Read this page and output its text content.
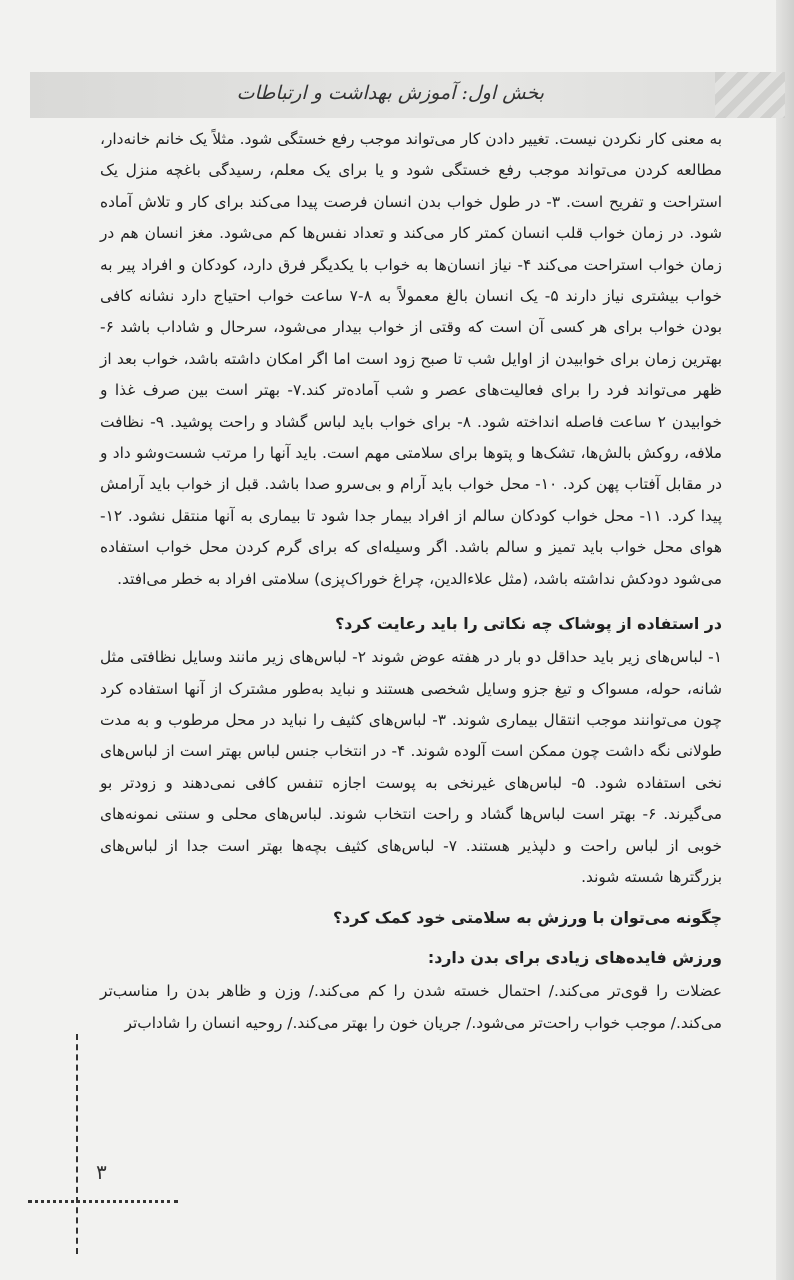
بخش اول: آموزش بهداشت و ارتباطات

به معنی کار نکردن نیست. تغییر دادن کار می‌تواند موجب رفع خستگی شود. مثلاً یک خانم خانه‌دار، مطالعه کردن می‌تواند موجب رفع خستگی شود و یا برای یک معلم، رسیدگی باغچه منزل یک استراحت و تفریح است. ۳- در طول خواب بدن انسان فرصت پیدا می‌کند برای کار و تلاش آماده شود. در زمان خواب قلب انسان کمتر کار می‌کند و تعداد نفس‌ها کم می‌شود. مغز انسان هم در زمان خواب استراحت می‌کند ۴- نیاز انسان‌ها به خواب با یکدیگر فرق دارد، کودکان و افراد پیر به خواب بیشتری نیاز دارند ۵- یک انسان بالغ معمولاً به ۸-۷ ساعت خواب احتیاج دارد نشانه کافی بودن خواب برای هر کسی آن است که وقتی از خواب بیدار می‌شود، سرحال و شاداب باشد ۶- بهترین زمان برای خوابیدن از اوایل شب تا صبح زود است اما اگر امکان داشته باشد، خواب بعد از ظهر می‌تواند فرد را برای فعالیت‌های عصر و شب آماده‌تر کند.۷- بهتر است بین صرف غذا و خوابیدن ۲ ساعت فاصله انداخته شود. ۸- برای خواب باید لباس گشاد و راحت پوشید. ۹- نظافت ملافه، روکش بالش‌ها، تشک‌ها و پتوها برای سلامتی مهم است. باید آنها را مرتب شست‌وشو داد و در مقابل آفتاب پهن کرد. ۱۰- محل خواب باید آرام و بی‌سرو صدا باشد. قبل از خواب باید آرامش پیدا کرد. ۱۱- محل خواب کودکان سالم از افراد بیمار جدا شود تا بیماری به آنها منتقل نشود. ۱۲- هوای محل خواب باید تمیز و سالم باشد. اگر وسیله‌ای که برای گرم کردن محل خواب استفاده می‌شود دودکش نداشته باشد، (مثل علاءالدین، چراغ خوراک‌پزی) سلامتی افراد به خطر می‌افتد.

در استفاده از پوشاک چه نکاتی را باید رعایت کرد؟

۱- لباس‌های زیر باید حداقل دو بار در هفته عوض شوند ۲- لباس‌های زیر مانند وسایل نظافتی مثل شانه، حوله، مسواک و تیغ جزو وسایل شخصی هستند و نباید به‌طور مشترک از آنها استفاده کرد چون می‌توانند موجب انتقال بیماری شوند. ۳- لباس‌های کثیف را نباید در محل مرطوب و به مدت طولانی نگه داشت چون ممکن است آلوده شوند. ۴- در انتخاب جنس لباس بهتر است از لباس‌های نخی استفاده شود. ۵- لباس‌های غیرنخی به پوست اجازه تنفس کافی نمی‌دهند و زودتر بو می‌گیرند. ۶- بهتر است لباس‌ها گشاد و راحت انتخاب شوند. لباس‌های محلی و سنتی نمونه‌های خوبی از لباس راحت و دلپذیر هستند. ۷- لباس‌های کثیف بچه‌ها بهتر است جدا از لباس‌های بزرگترها شسته شوند.

چگونه می‌توان با ورزش به سلامتی خود کمک کرد؟
ورزش فایده‌های زیادی برای بدن دارد:

عضلات را قوی‌تر می‌کند./ احتمال خسته شدن را کم می‌کند./ وزن و ظاهر بدن را مناسب‌تر می‌کند./ موجب خواب راحت‌تر می‌شود./ جریان خون را بهتر می‌کند./ روحیه انسان را شاداب‌تر

۳
